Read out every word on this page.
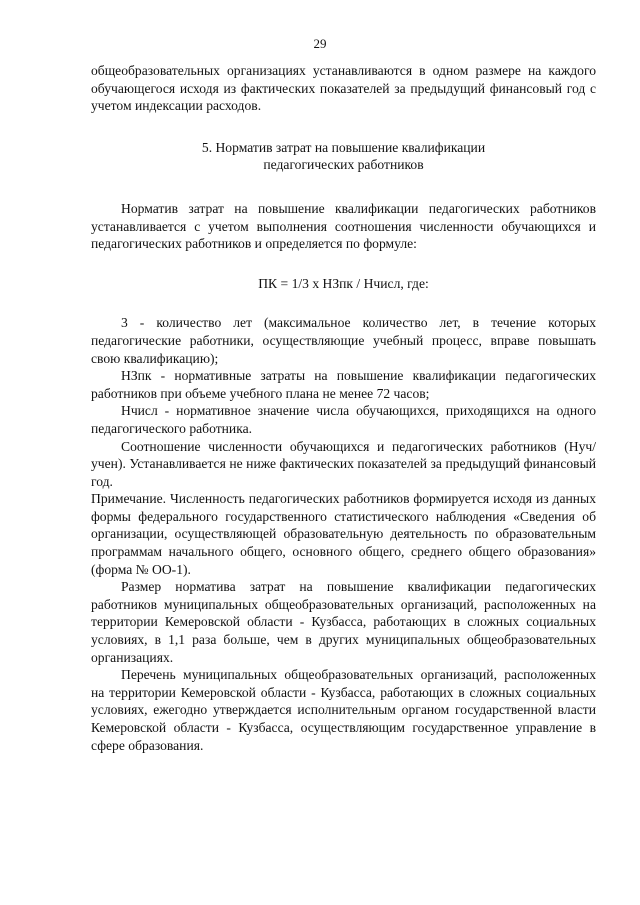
29

общеобразовательных организациях устанавливаются в одном размере на каждого обучающегося исходя из фактических показателей за предыдущий финансовый год с учетом индексации расходов.

5. Норматив затрат на повышение квалификации
педагогических работников

Норматив затрат на повышение квалификации педагогических работников устанавливается с учетом выполнения соотношения численности обучающихся и педагогических работников и определяется по формуле:

ПК = 1/3 х НЗпк / Нчисл, где:

3 - количество лет (максимальное количество лет, в течение которых педагогические работники, осуществляющие учебный процесс, вправе повышать свою квалификацию);

НЗпк - нормативные затраты на повышение квалификации педагогических работников при объеме учебного плана не менее 72 часов;

Нчисл - нормативное значение числа обучающихся, приходящихся на одного педагогического работника.

Соотношение численности обучающихся и педагогических работников (Нуч/учен). Устанавливается не ниже фактических показателей за предыдущий финансовый год.

Примечание. Численность педагогических работников формируется исходя из данных формы федерального государственного статистического наблюдения «Сведения об организации, осуществляющей образовательную деятельность по образовательным программам начального общего, основного общего, среднего общего образования» (форма № ОО-1).

Размер норматива затрат на повышение квалификации педагогических работников муниципальных общеобразовательных организаций, расположенных на территории Кемеровской области - Кузбасса, работающих в сложных социальных условиях, в 1,1 раза больше, чем в других муниципальных общеобразовательных организациях.

Перечень муниципальных общеобразовательных организаций, расположенных на территории Кемеровской области - Кузбасса, работающих в сложных социальных условиях, ежегодно утверждается исполнительным органом государственной власти Кемеровской области - Кузбасса, осуществляющим государственное управление в сфере образования.
